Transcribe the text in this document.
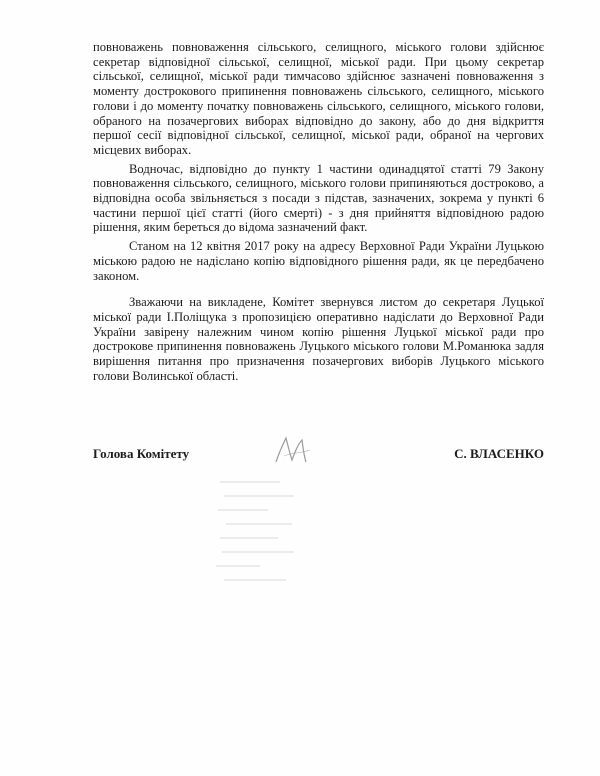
повноважень повноваження сільського, селищного, міського голови здійснює секретар відповідної сільської, селищної, міської ради. При цьому секретар сільської, селищної, міської ради тимчасово здійснює зазначені повноваження з моменту дострокового припинення повноважень сільського, селищного, міського голови і до моменту початку повноважень сільського, селищного, міського голови, обраного на позачергових виборах відповідно до закону, або до дня відкриття першої сесії відповідної сільської, селищної, міської ради, обраної на чергових місцевих виборах.

Водночас, відповідно до пункту 1 частини одинадцятої статті 79 Закону повноваження сільського, селищного, міського голови припиняються достроково, а відповідна особа звільняється з посади з підстав, зазначених, зокрема у пункті 6 частини першої цієї статті (його смерті) - з дня прийняття відповідною радою рішення, яким береться до відома зазначений факт.

Станом на 12 квітня 2017 року на адресу Верховної Ради України Луцькою міською радою не надіслано копію відповідного рішення ради, як це передбачено законом.

Зважаючи на викладене, Комітет звернувся листом до секретаря Луцької міської ради І.Поліщука з пропозицією оперативно надіслати до Верховної Ради України завірену належним чином копію рішення Луцької міської ради про дострокове припинення повноважень Луцького міського голови М.Романюка задля вирішення питання про призначення позачергових виборів Луцького міського голови Волинської області.

Голова Комітету	С. ВЛАСЕНКО
